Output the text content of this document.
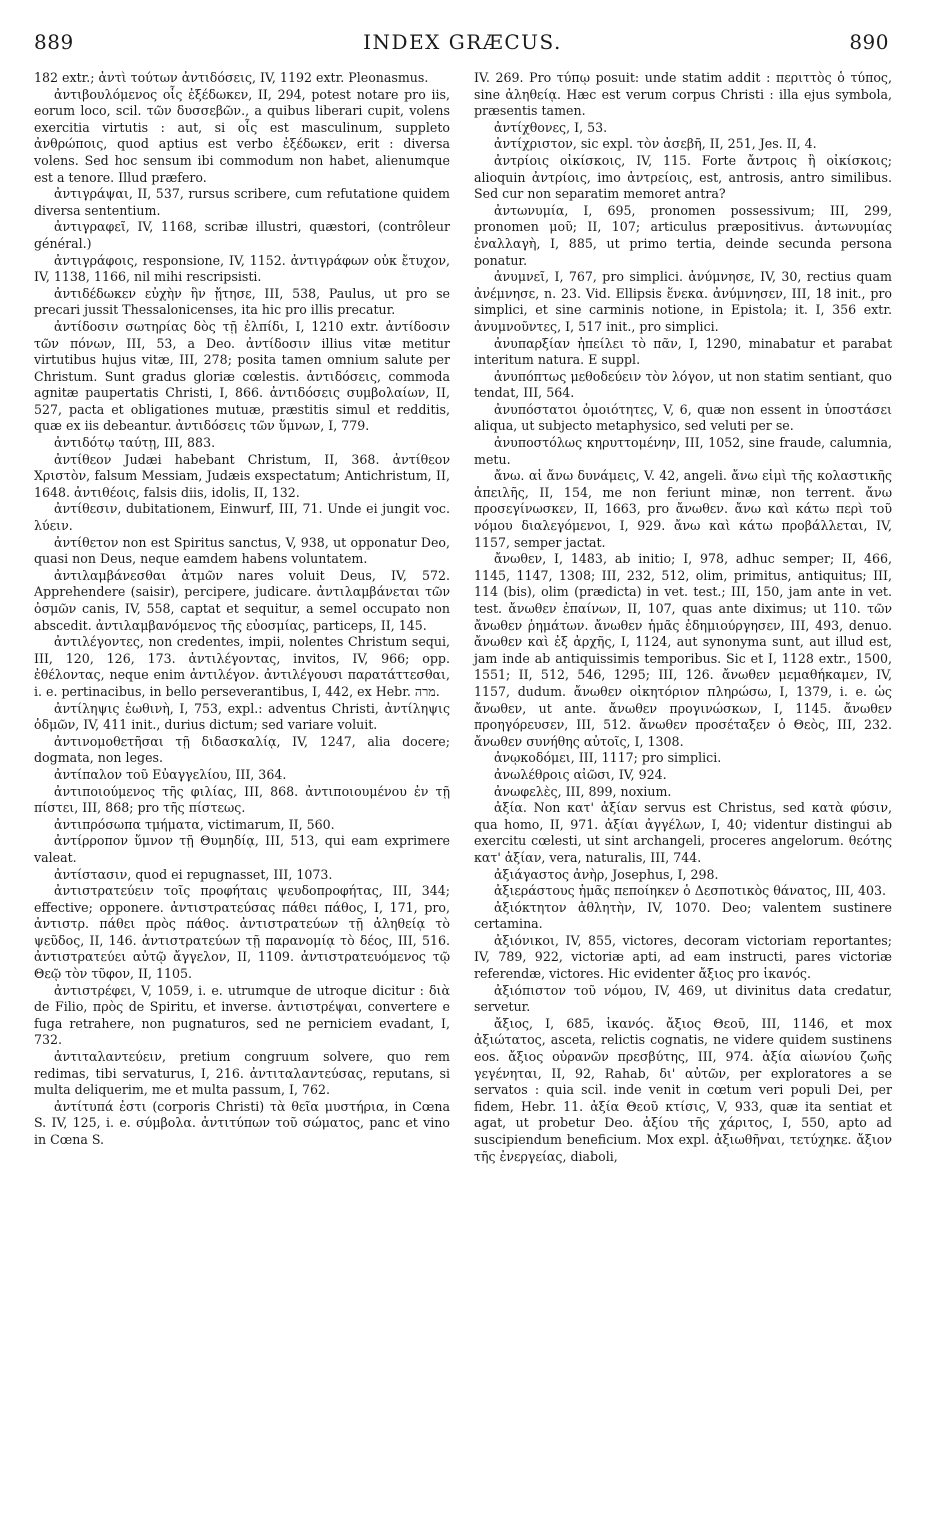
889	INDEX GRÆCUS.	890

182 extr.; ἀντὶ τούτων ἀντιδόσεις, IV, 1192 extr. Pleonasmus.

ἀντιβουλόμενος οἷς ἐξέδωκεν, II, 294, potest notare pro iis, eorum loco, scil. τῶν δυσσεβῶν., a quibus liberari cupit, volens exercitia virtutis : aut, si οἷς est masculinum, suppleto ἀνθρώποις, quod aptius est verbo ἐξέδωκεν, erit : diversa volens. Sed hoc sensum ibi commodum non habet, alienumque est a tenore. Illud præfero.

ἀντιγράψαι, II, 537, rursus scribere, cum refutatione quidem diversa sententium.

ἀντιγραφεῖ, IV, 1168, scribæ illustri, quæstori, (contrôleur général.)

ἀντιγράφοις, responsione, IV, 1152. ἀντιγράφων οὐκ ἔτυχον, IV, 1138, 1166, nil mihi rescripsisti.

ἀντιδέδωκεν εὐχὴν ἣν ᾔτησε, III, 538, Paulus, ut pro se precari jussit Thessalonicenses, ita hic pro illis precatur.

ἀντίδοσιν σωτηρίας δὸς τῇ ἐλπίδι, I, 1210 extr. ἀντίδοσιν τῶν πόνων, III, 53, a Deo. ἀντίδοσιν illius vitæ metitur virtutibus hujus vitæ, III, 278; posita tamen omnium salute per Christum. Sunt gradus gloriæ cœlestis. ἀντιδόσεις, commoda agnitæ paupertatis Christi, I, 866. ἀντιδόσεις συμβολαίων, II, 527, pacta et obligationes mutuæ, præstitis simul et redditis, quæ ex iis debeantur. ἀντιδόσεις τῶν ὕμνων, I, 779.

ἀντιδότῳ ταύτῃ, III, 883.

ἀντίθεον Judæi habebant Christum, II, 368. ἀντίθεον Χριστὸν, falsum Messiam, Judæis exspectatum; Antichristum, II, 1648. ἀντιθέοις, falsis diis, idolis, II, 132.

ἀντίθεσιν, dubitationem, Einwurf, III, 71. Unde ei jungit voc. λύειν.

ἀντίθετον non est Spiritus sanctus, V, 938, ut opponatur Deo, quasi non Deus, neque eamdem habens voluntatem.

ἀντιλαμβάνεσθαι ἀτμῶν nares voluit Deus, IV, 572. Apprehendere (saisir), percipere, judicare. ἀντιλαμβάνεται τῶν ὀσμῶν canis, IV, 558, captat et sequitur, a semel occupato non abscedit. ἀντιλαμβανόμενος τῆς εὐοσμίας, particeps, II, 145.

ἀντιλέγοντες, non credentes, impii, nolentes Christum sequi, III, 120, 126, 173. ἀντιλέγοντας, invitos, IV, 966; opp. ἐθέλοντας, neque enim ἀντιλέγον. ἀντιλέγουσι παρατάττεσθαι, i. e. pertinacibus, in bello perseverantibus, I, 442, ex Hebr. מרה.

ἀντίληψις ἑωθινὴ, I, 753, expl.: adventus Christi, ἀντίληψις ὀδμῶν, IV, 411 init., durius dictum; sed variare voluit.

ἀντινομοθετῆσαι τῇ διδασκαλίᾳ, IV, 1247, alia docere; dogmata, non leges.

ἀντίπαλον τοῦ Εὐαγγελίου, III, 364.

ἀντιποιούμενος τῆς φιλίας, III, 868. ἀντιποιουμένου ἐν τῇ πίστει, III, 868; pro τῆς πίστεως.

ἀντιπρόσωπα τμήματα, victimarum, II, 560.

ἀντίρροπον ὕμνον τῇ Θυμηδίᾳ, III, 513, qui eam exprimere valeat.

ἀντίστασιν, quod ei repugnasset, III, 1073.

ἀντιστρατεύειν τοῖς προφήταις ψευδοπροφήτας, III, 344; effective; opponere. ἀντιστρατεύσας πάθει πάθος, I, 171, pro, ἀντιστρ. πάθει πρὸς πάθος. ἀντιστρατεύων τῇ ἀληθείᾳ τὸ ψεῦδος, II, 146. ἀντιστρατεύων τῇ παρανομίᾳ τὸ δέος, III, 516. ἀντιστρατεύει αὐτῷ ἄγγελον, II, 1109. ἀντιστρατευόμενος τῷ Θεῷ τὸν τῦφον, II, 1105.

ἀντιστρέφει, V, 1059, i. e. utrumque de utroque dicitur : διὰ de Filio, πρὸς de Spiritu, et inverse. ἀντιστρέψαι, convertere e fuga retrahere, non pugnaturos, sed ne perniciem evadant, I, 732.

ἀντιταλαντεύειν, pretium congruum solvere, quo rem redimas, tibi servaturus, I, 216. ἀντιταλαντεύσας, reputans, si multa deliquerim, me et multa passum, I, 762.

ἀντίτυπά ἐστι (corporis Christi) τὰ θεῖα μυστήρια, in Cœna S. IV, 125, i. e. σύμβολα. ἀντιτύπων τοῦ σώματος, panc et vino in Cœna S.

IV. 269. Pro τύπῳ posuit: unde statim addit : περιττὸς ὁ τύπος, sine ἀληθείᾳ. Hæc est verum corpus Christi : illa ejus symbola, præsentis tamen.

ἀντίχθονες, I, 53.

ἀντίχριστον, sic expl. τὸν ἀσεβῆ, II, 251, Jes. II, 4.

ἀντρίοις οἰκίσκοις, IV, 115. Forte ἄντροις ἢ οἰκίσκοις; alioquin ἀντρίοις, imo ἀντρείοις, est, antrosis, antro similibus. Sed cur non separatim memoret antra?

ἀντωνυμία, I, 695, pronomen possessivum; III, 299, pronomen μοῦ; II, 107; articulus præpositivus. ἀντωνυμίας ἐναλλαγὴ, I, 885, ut primo tertia, deinde secunda persona ponatur.

ἀνυμνεῖ, I, 767, pro simplici. ἀνύμνησε, IV, 30, rectius quam ἀνέμνησε, n. 23. Vid. Ellipsis ἕνεκα. ἀνύμνησεν, III, 18 init., pro simplici, et sine carminis notione, in Epistola; it. I, 356 extr. ἀνυμνοῦντες, I, 517 init., pro simplici.

ἀνυπαρξίαν ἠπείλει τὸ πᾶν, I, 1290, minabatur et parabat interitum natura. E suppl.

ἀνυπόπτως μεθοδεύειν τὸν λόγον, ut non statim sentiant, quo tendat, III, 564.

ἀνυπόστατοι ὁμοιότητες, V, 6, quæ non essent in ὑποστάσει aliqua, ut subjecto metaphysico, sed veluti per se.

ἀνυποστόλως κηρυττομένην, III, 1052, sine fraude, calumnia, metu.

ἄνω. αἱ ἄνω δυνάμεις, V. 42, angeli. ἄνω εἰμὶ τῆς κολαστικῆς ἀπειλῆς, II, 154, me non feriunt minæ, non terrent. ἄνω προσεγίνωσκεν, II, 1663, pro ἄνωθεν. ἄνω καὶ κάτω περὶ τοῦ νόμου διαλεγόμενοι, I, 929. ἄνω καὶ κάτω προβάλλεται, IV, 1157, semper jactat.

ἄνωθεν, I, 1483, ab initio; I, 978, adhuc semper; II, 466, 1145, 1147, 1308; III, 232, 512, olim, primitus, antiquitus; III, 114 (bis), olim (prædicta) in vet. test.; III, 150, jam ante in vet. test. ἄνωθεν ἐπαίνων, II, 107, quas ante diximus; ut 110. τῶν ἄνωθεν ῥημάτων. ἄνωθεν ἡμᾶς ἐδημιούργησεν, III, 493, denuo. ἄνωθεν καὶ ἐξ ἀρχῆς, I, 1124, aut synonyma sunt, aut illud est, jam inde ab antiquissimis temporibus. Sic et I, 1128 extr., 1500, 1551; II, 512, 546, 1295; III, 126. ἄνωθεν μεμαθήκαμεν, IV, 1157, dudum. ἄνωθεν οἰκητόριον πληρώσω, I, 1379, i. e. ὡς ἄνωθεν, ut ante. ἄνωθεν προγινώσκων, I, 1145. ἄνωθεν προηγόρευσεν, III, 512. ἄνωθεν προσέταξεν ὁ Θεὸς, III, 232. ἄνωθεν συνήθης αὐτοῖς, I, 1308.

ἀνῳκοδόμει, III, 1117; pro simplici.

ἀνωλέθροις αἰῶσι, IV, 924.

ἀνωφελὲς, III, 899, noxium.

ἀξία. Non κατ' ἀξίαν servus est Christus, sed κατὰ φύσιν, qua homo, II, 971. ἀξίαι ἀγγέλων, I, 40; videntur distingui ab exercitu cœlesti, ut sint archangeli, proceres angelorum. θεότης κατ' ἀξίαν, vera, naturalis, III, 744.

ἀξιάγαστος ἀνὴρ, Josephus, I, 298.

ἀξιεράστους ἡμᾶς πεποίηκεν ὁ Δεσποτικὸς θάνατος, III, 403.

ἀξιόκτητον ἀθλητὴν, IV, 1070. Deo; valentem sustinere certamina.

ἀξιόνικοι, IV, 855, victores, decoram victoriam reportantes; IV, 789, 922, victoriæ apti, ad eam instructi, pares victoriæ referendæ, victores. Hic evidenter ἄξιος pro ἱκανός.

ἀξιόπιστον τοῦ νόμου, IV, 469, ut divinitus data credatur, servetur.

ἄξιος, I, 685, ἱκανός. ἄξιος Θεοῦ, III, 1146, et mox ἀξιώτατος, asceta, relictis cognatis, ne videre quidem sustinens eos. ἄξιος οὐρανῶν πρεσβύτης, III, 974. ἀξία αἰωνίου ζωῆς γεγένηται, II, 92, Rahab, δι' αὐτῶν, per exploratores a se servatos : quia scil. inde venit in cœtum veri populi Dei, per fidem, Hebr. 11. ἀξία Θεοῦ κτίσις, V, 933, quæ ita sentiat et agat, ut probetur Deo. ἀξίου τῆς χάριτος, I, 550, apto ad suscipiendum beneficium. Mox expl. ἀξιωθῆναι, τετύχηκε. ἄξιον τῆς ἐνεργείας, diaboli,
